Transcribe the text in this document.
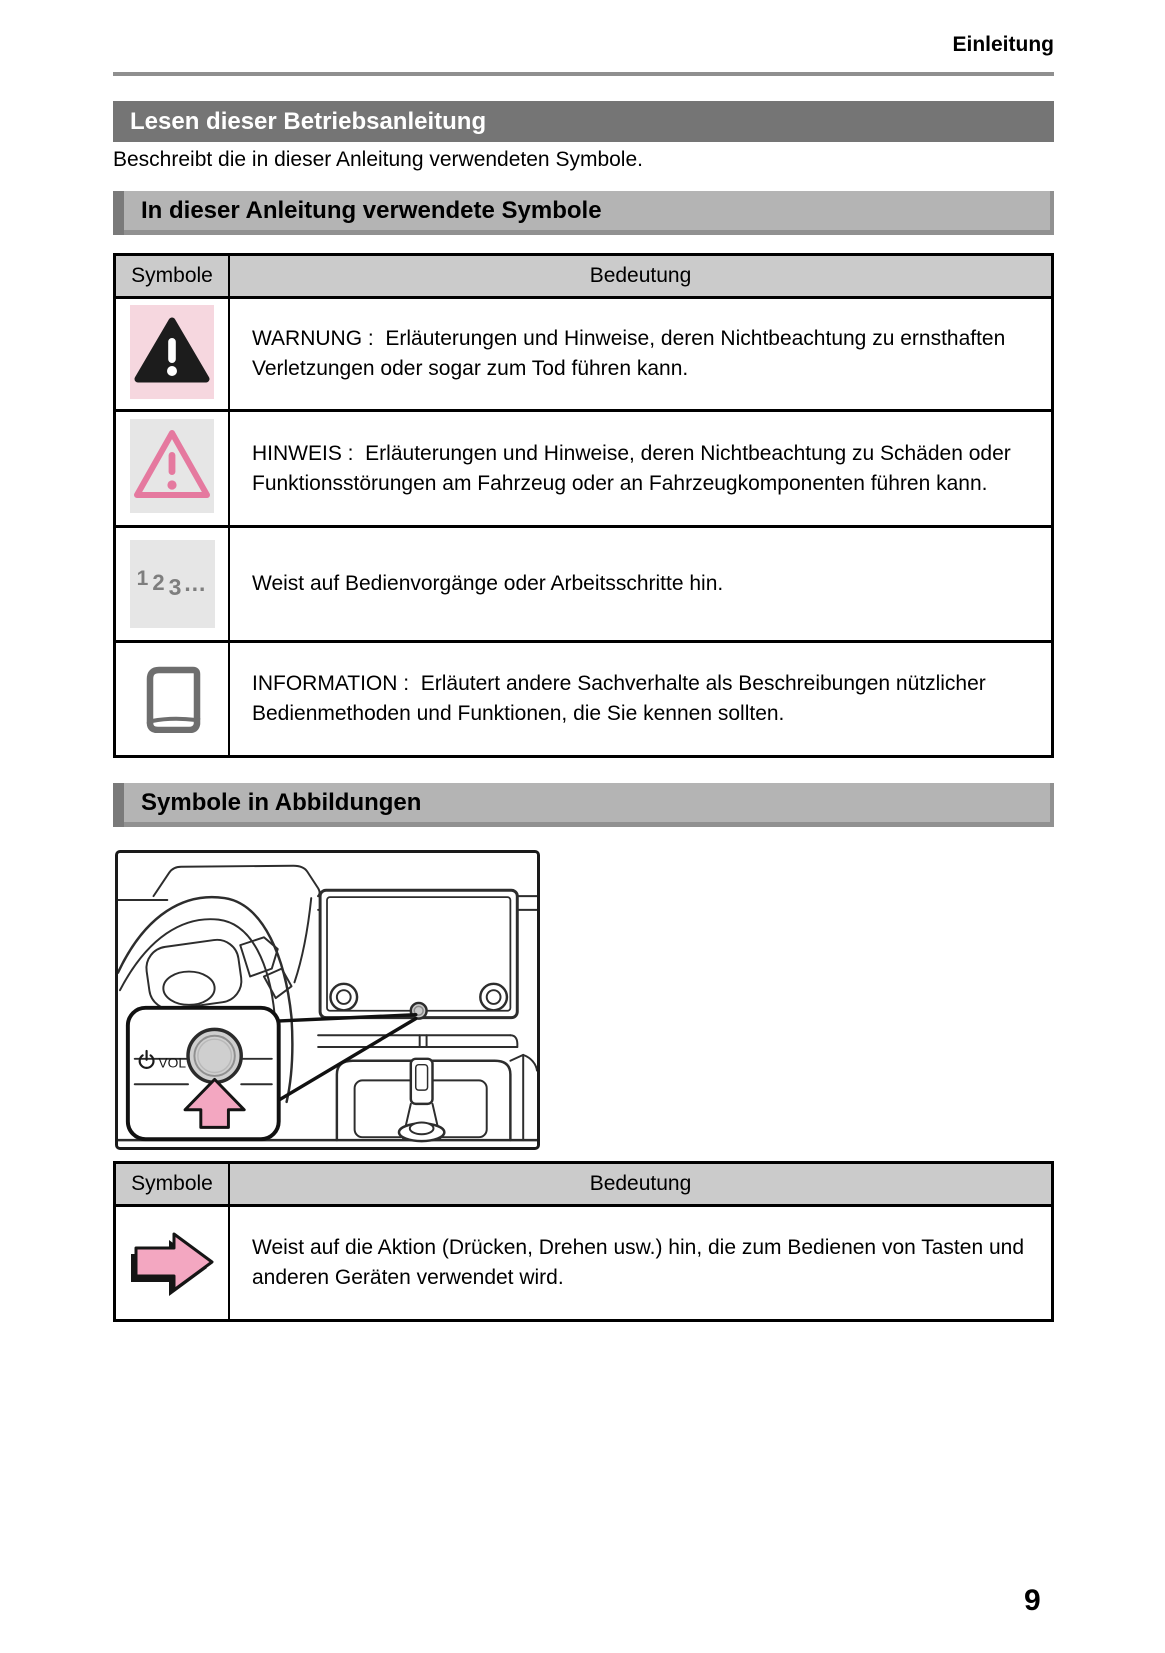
Einleitung
Lesen dieser Betriebsanleitung
Beschreibt die in dieser Anleitung verwendeten Symbole.
In dieser Anleitung verwendete Symbole
Symbole	Bedeutung

	WARNUNG :  Erläuterungen und Hinweise, deren Nichtbeachtung zu ernsthaften Verletzungen oder sogar zum Tod führen kann.

	HINWEIS :  Erläuterungen und Hinweise, deren Nichtbeachtung zu Schäden oder Funktionsstörungen am Fahrzeug oder an Fahrzeugkomponenten führen kann.

1 2 3 …	Weist auf Bedienvorgänge oder Arbeitsschritte hin.

	INFORMATION :  Erläutert andere Sachverhalte als Beschreibungen nützlicher Bedienmethoden und Funktionen, die Sie kennen sollten.
Symbole in Abbildungen
VOL
Symbole	Bedeutung

	Weist auf die Aktion (Drücken, Drehen usw.) hin, die zum Bedienen von Tasten und anderen Geräten verwendet wird.
9
